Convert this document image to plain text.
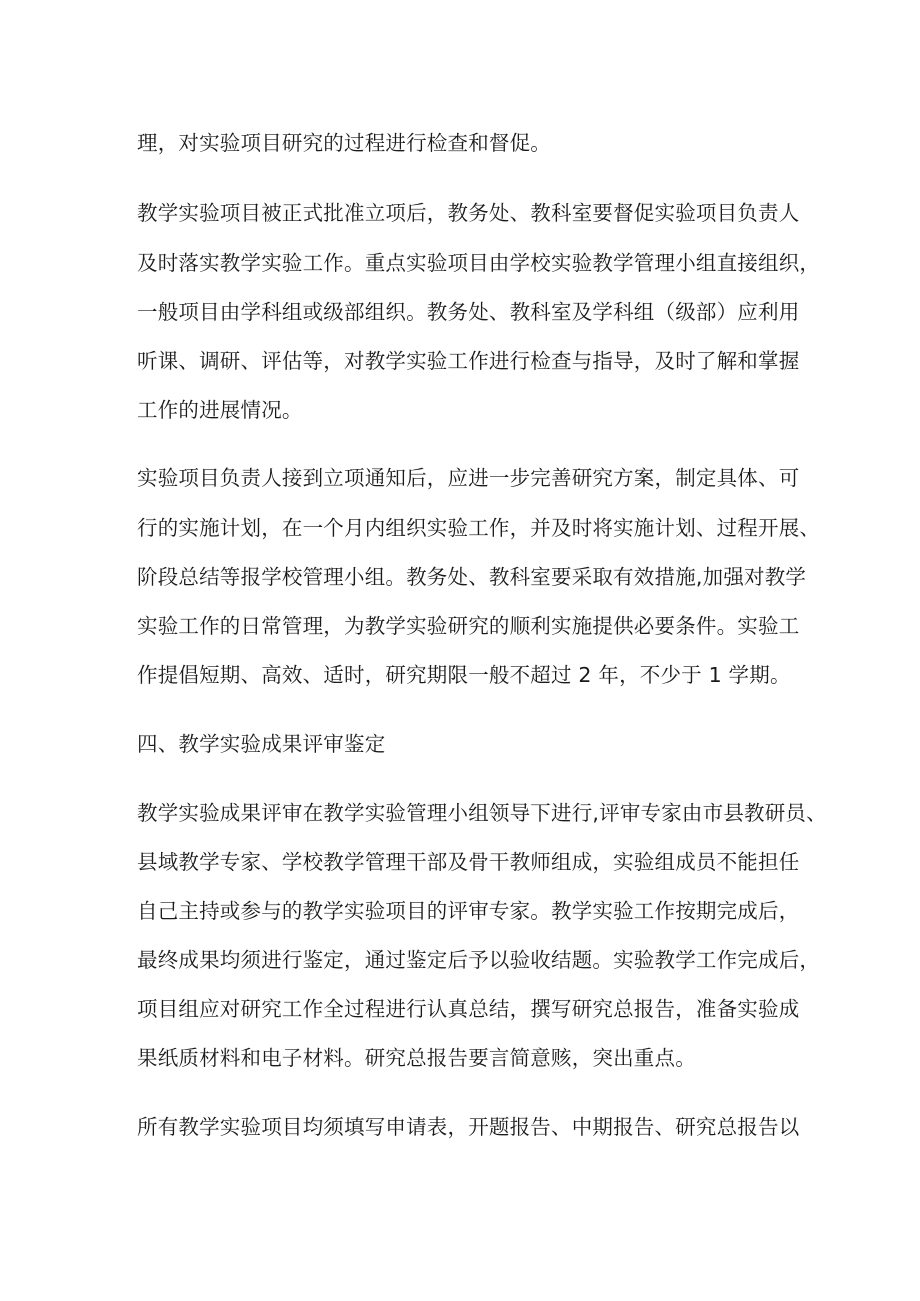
理，对实验项目研究的过程进行检查和督促。
教学实验项目被正式批准立项后，教务处、教科室要督促实验项目负责人
及时落实教学实验工作。重点实验项目由学校实验教学管理小组直接组织，
一般项目由学科组或级部组织。教务处、教科室及学科组（级部）应利用
听课、调研、评估等，对教学实验工作进行检查与指导，及时了解和掌握
工作的进展情况。
实验项目负责人接到立项通知后，应进一步完善研究方案，制定具体、可
行的实施计划，在一个月内组织实验工作，并及时将实施计划、过程开展、
阶段总结等报学校管理小组。教务处、教科室要采取有效措施,加强对教学
实验工作的日常管理，为教学实验研究的顺利实施提供必要条件。实验工
作提倡短期、高效、适时，研究期限一般不超过 2 年，不少于 1 学期。
四、教学实验成果评审鉴定
教学实验成果评审在教学实验管理小组领导下进行,评审专家由市县教研员、
县域教学专家、学校教学管理干部及骨干教师组成，实验组成员不能担任
自己主持或参与的教学实验项目的评审专家。教学实验工作按期完成后，
最终成果均须进行鉴定，通过鉴定后予以验收结题。实验教学工作完成后，
项目组应对研究工作全过程进行认真总结，撰写研究总报告，准备实验成
果纸质材料和电子材料。研究总报告要言简意赅，突出重点。
所有教学实验项目均须填写申请表，开题报告、中期报告、研究总报告以
